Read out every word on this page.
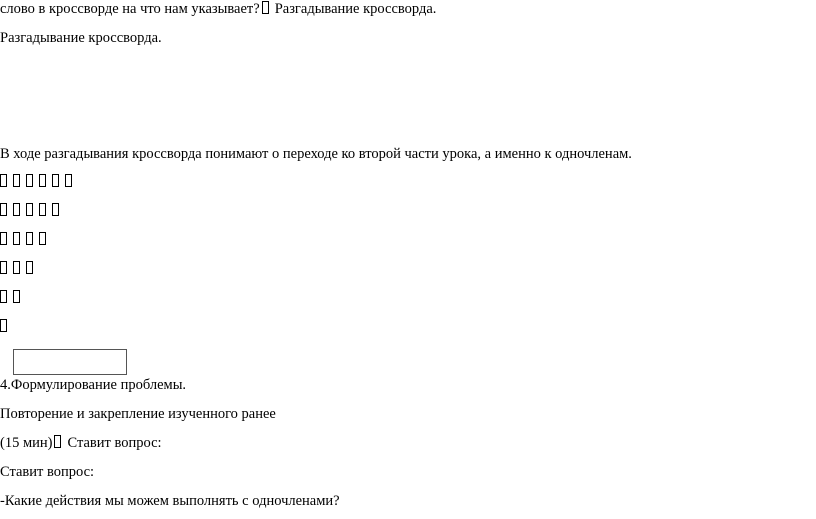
слово в кроссворде на что нам указывает? Разгадывание кроссворда.
Разгадывание кроссворда.
В ходе разгадывания кроссворда понимают о переходе ко второй части урока, а именно к одночленам.
4.Формулирование проблемы.
Повторение и закрепление изученного ранее
(15 мин) Ставит вопрос:
Ставит вопрос:
-Какие действия мы можем выполнять с одночленами?
